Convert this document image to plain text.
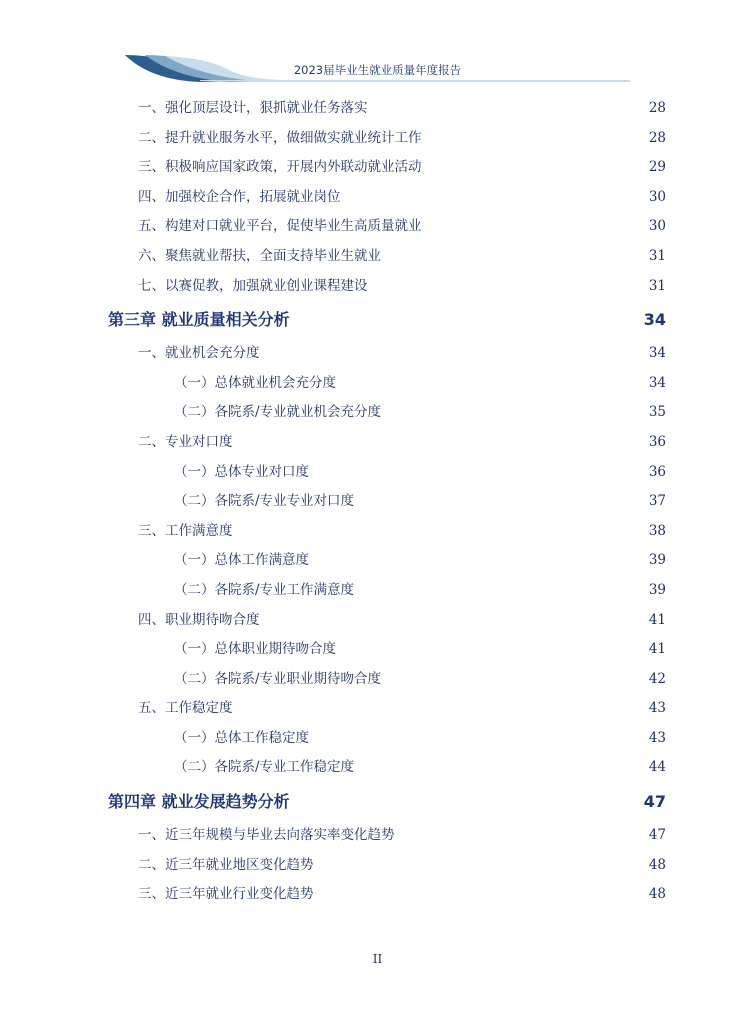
2023届毕业生就业质量年度报告
一、强化顶层设计，狠抓就业任务落实 .....	28
二、提升就业服务水平，做细做实就业统计工作 .....	28
三、积极响应国家政策，开展内外联动就业活动 .....	29
四、加强校企合作，拓展就业岗位 .....	30
五、构建对口就业平台，促使毕业生高质量就业 .....	30
六、聚焦就业帮扶，全面支持毕业生就业 .....	31
七、以赛促教，加强就业创业课程建设 .....	31
第三章 就业质量相关分析 .....	34
一、就业机会充分度 .....	34
（一）总体就业机会充分度 .....	34
（二）各院系/专业就业机会充分度 .....	35
二、专业对口度 .....	36
（一）总体专业对口度 .....	36
（二）各院系/专业专业对口度 .....	37
三、工作满意度 .....	38
（一）总体工作满意度 .....	39
（二）各院系/专业工作满意度 .....	39
四、职业期待吻合度 .....	41
（一）总体职业期待吻合度 .....	41
（二）各院系/专业职业期待吻合度 .....	42
五、工作稳定度 .....	43
（一）总体工作稳定度 .....	43
（二）各院系/专业工作稳定度 .....	44
第四章 就业发展趋势分析 .....	47
一、近三年规模与毕业去向落实率变化趋势 .....	47
二、近三年就业地区变化趋势 .....	48
三、近三年就业行业变化趋势 .....	48
II
